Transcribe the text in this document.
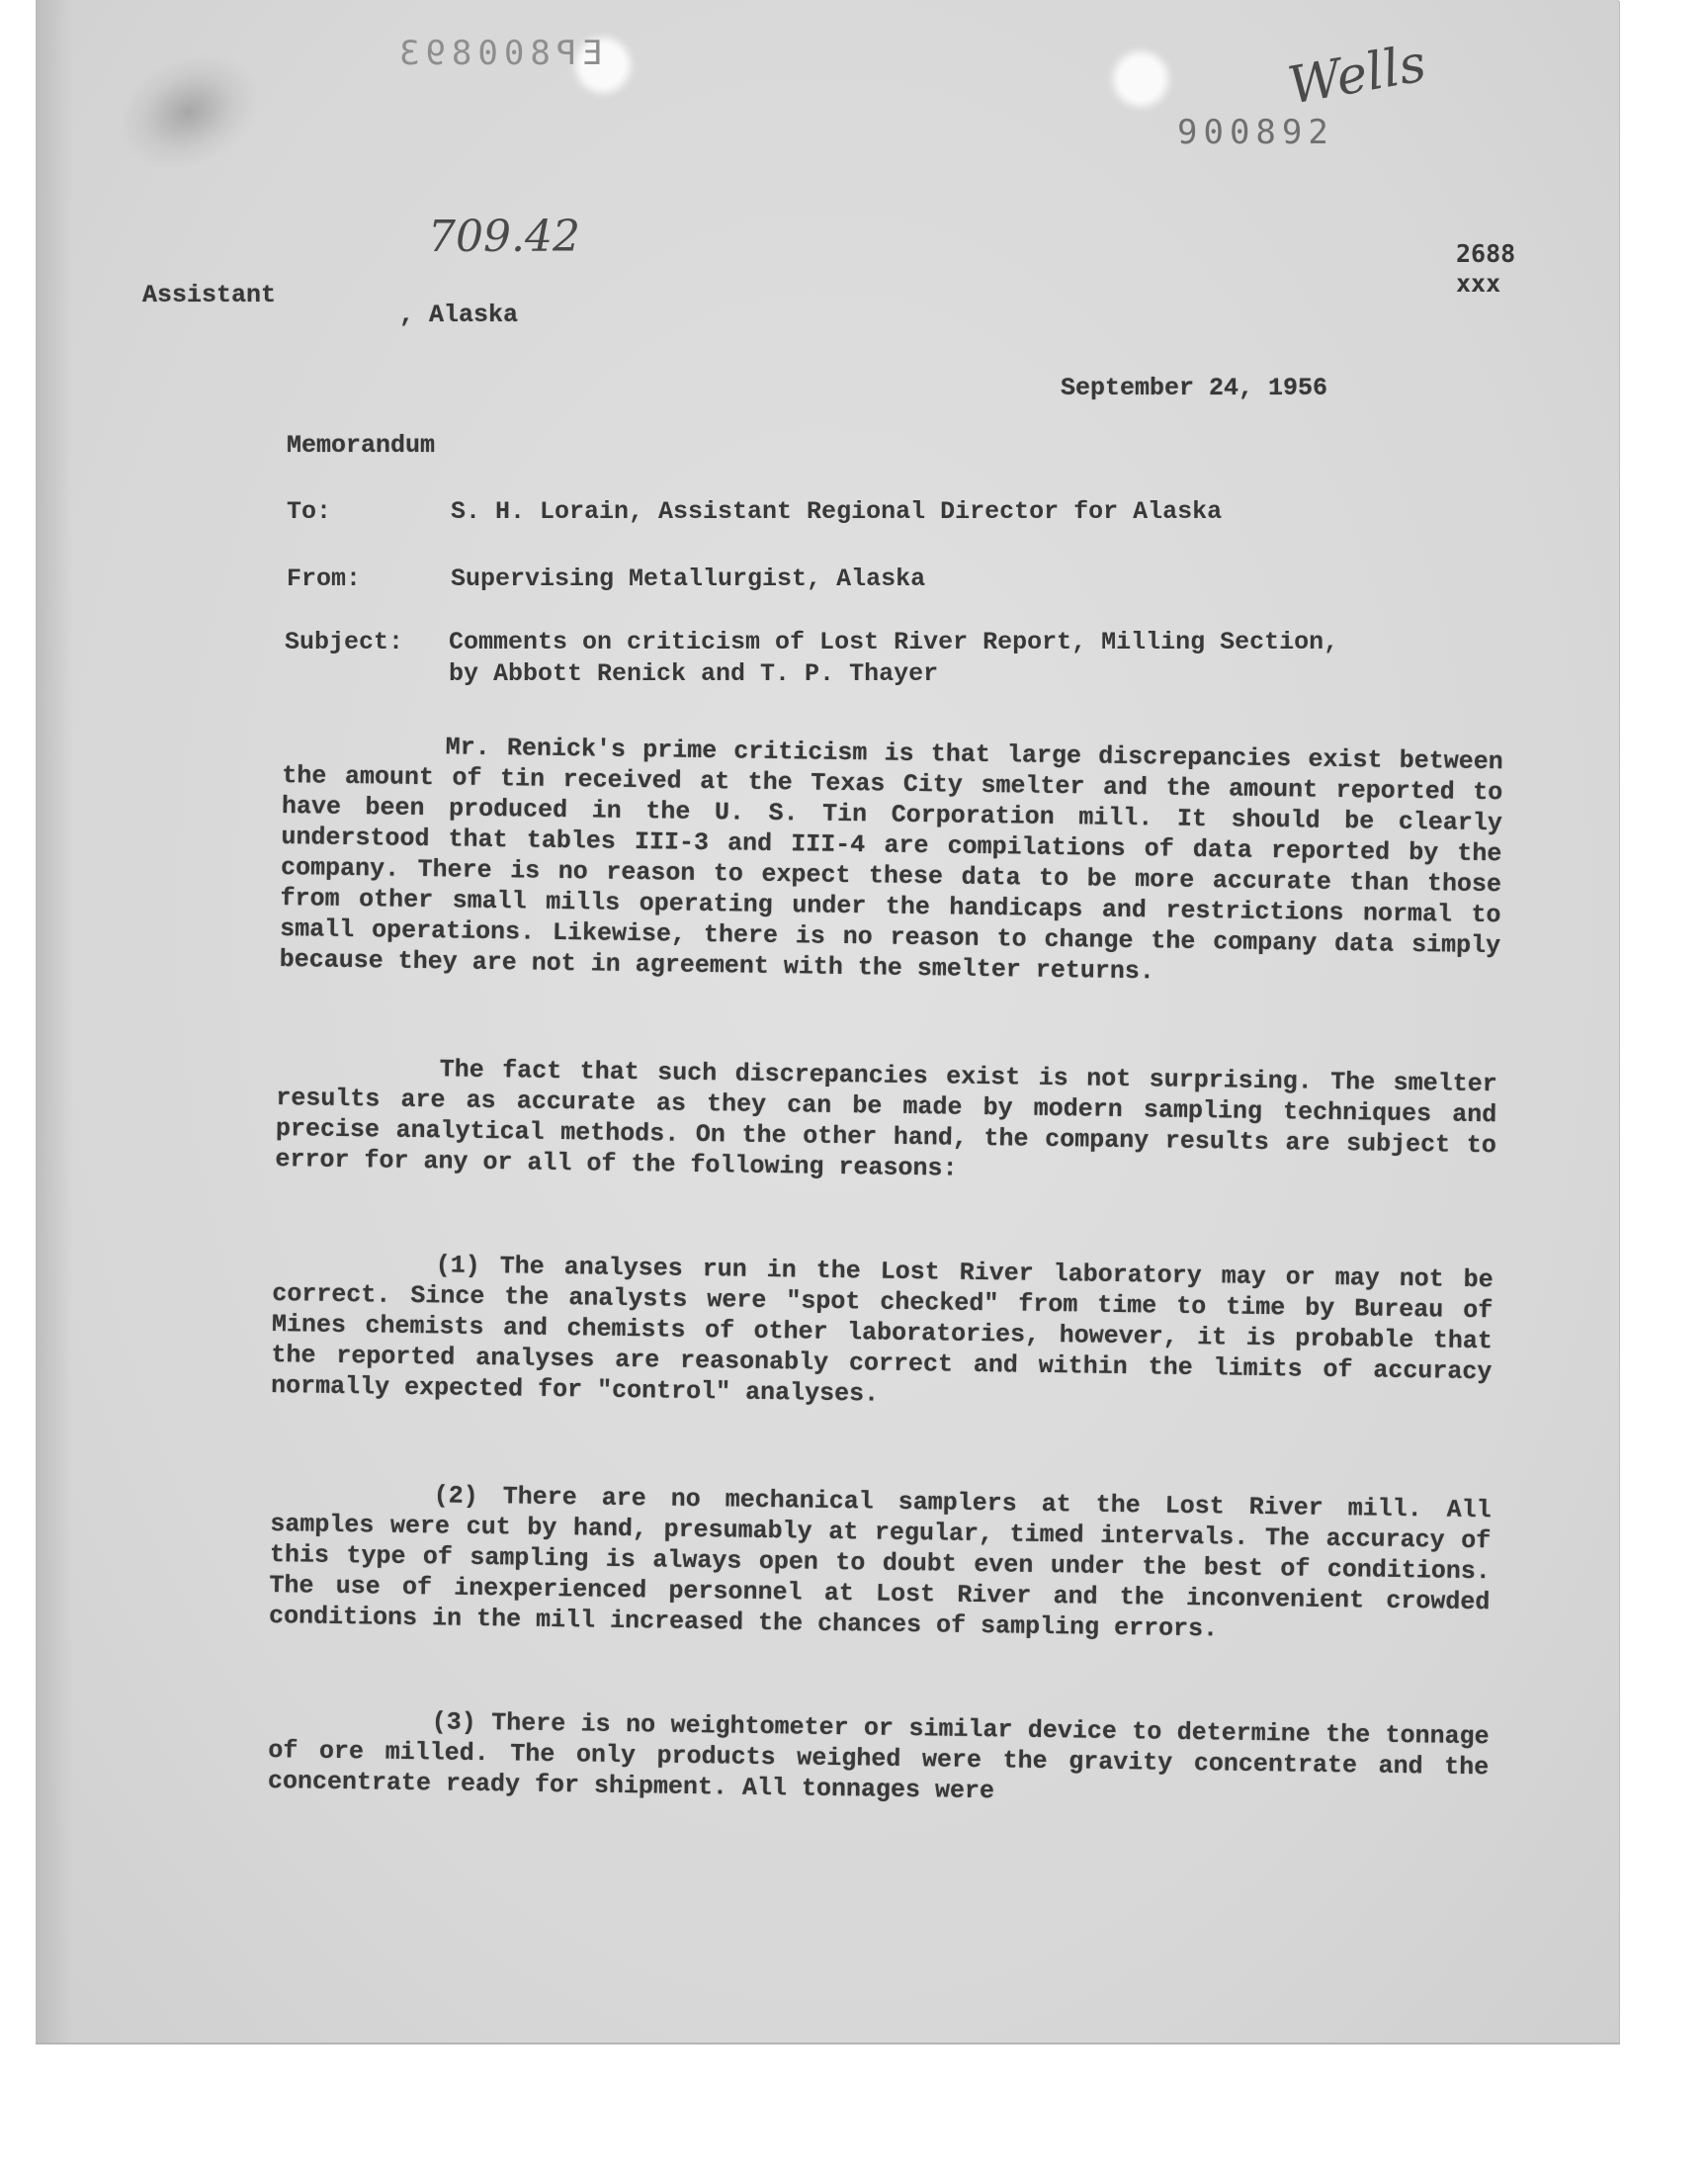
EP800893
900892
Wells
709.42
Assistant
, Alaska
2688
xxx
September 24, 1956
Memorandum
To:	S. H. Lorain, Assistant Regional Director for Alaska
From:	Supervising Metallurgist, Alaska
Subject: Comments on criticism of Lost River Report, Milling Section,
by Abbott Renick and T. P. Thayer

Mr. Renick's prime criticism is that large discrepancies exist between the amount of tin received at the Texas City smelter and the amount reported to have been produced in the U. S. Tin Corporation mill. It should be clearly understood that tables III-3 and III-4 are compilations of data reported by the company. There is no reason to expect these data to be more accurate than those from other small mills operating under the handicaps and restrictions normal to small operations. Likewise, there is no reason to change the company data simply because they are not in agreement with the smelter returns.

The fact that such discrepancies exist is not surprising. The smelter results are as accurate as they can be made by modern sampling techniques and precise analytical methods. On the other hand, the company results are subject to error for any or all of the following reasons:

(1) The analyses run in the Lost River laboratory may or may not be correct. Since the analysts were "spot checked" from time to time by Bureau of Mines chemists and chemists of other laboratories, however, it is probable that the reported analyses are reasonably correct and within the limits of accuracy normally expected for "control" analyses.

(2) There are no mechanical samplers at the Lost River mill. All samples were cut by hand, presumably at regular, timed intervals. The accuracy of this type of sampling is always open to doubt even under the best of conditions. The use of inexperienced personnel at Lost River and the inconvenient crowded conditions in the mill increased the chances of sampling errors.

(3) There is no weightometer or similar device to determine the tonnage of ore milled. The only products weighed were the gravity concentrate and the concentrate ready for shipment. All tonnages were
